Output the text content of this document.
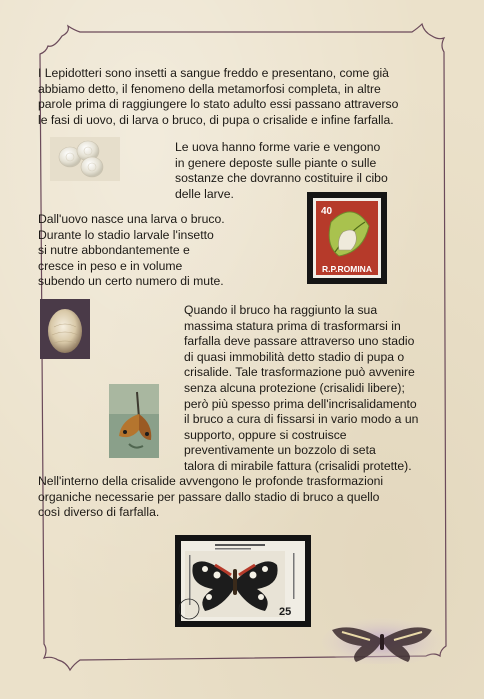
I Lepidotteri sono insetti a sangue freddo e presentano, come già
abbiamo detto, il fenomeno della metamorfosi completa, in altre
parole prima di raggiungere lo stato adulto essi passano attraverso
le fasi di uovo, di larva o bruco, di pupa o crisalide e infine farfalla.
Le uova hanno forme varie e vengono
in genere deposte sulle piante o sulle
sostanze che dovranno costituire il cibo
delle larve.
40
R.P.ROMINA
Dall'uovo nasce una larva o bruco.
Durante lo stadio larvale l'insetto
si nutre abbondantemente e
cresce in peso e in volume
subendo un certo numero di mute.
Quando il bruco ha raggiunto la sua
massima statura prima di trasformarsi in
farfalla deve passare attraverso uno stadio
di quasi immobilità detto stadio di pupa o
crisalide. Tale trasformazione può avvenire
senza alcuna protezione (crisalidi libere);
però più spesso prima dell'incrisalidamento
il bruco a cura di fissarsi in vario modo a un
supporto, oppure si costruisce
preventivamente un bozzolo di seta
talora di mirabile fattura (crisalidi protette).
Nell'interno della crisalide avvengono le profonde trasformazioni
organiche necessarie per passare dallo stadio di bruco a quello
così diverso di farfalla.
25
